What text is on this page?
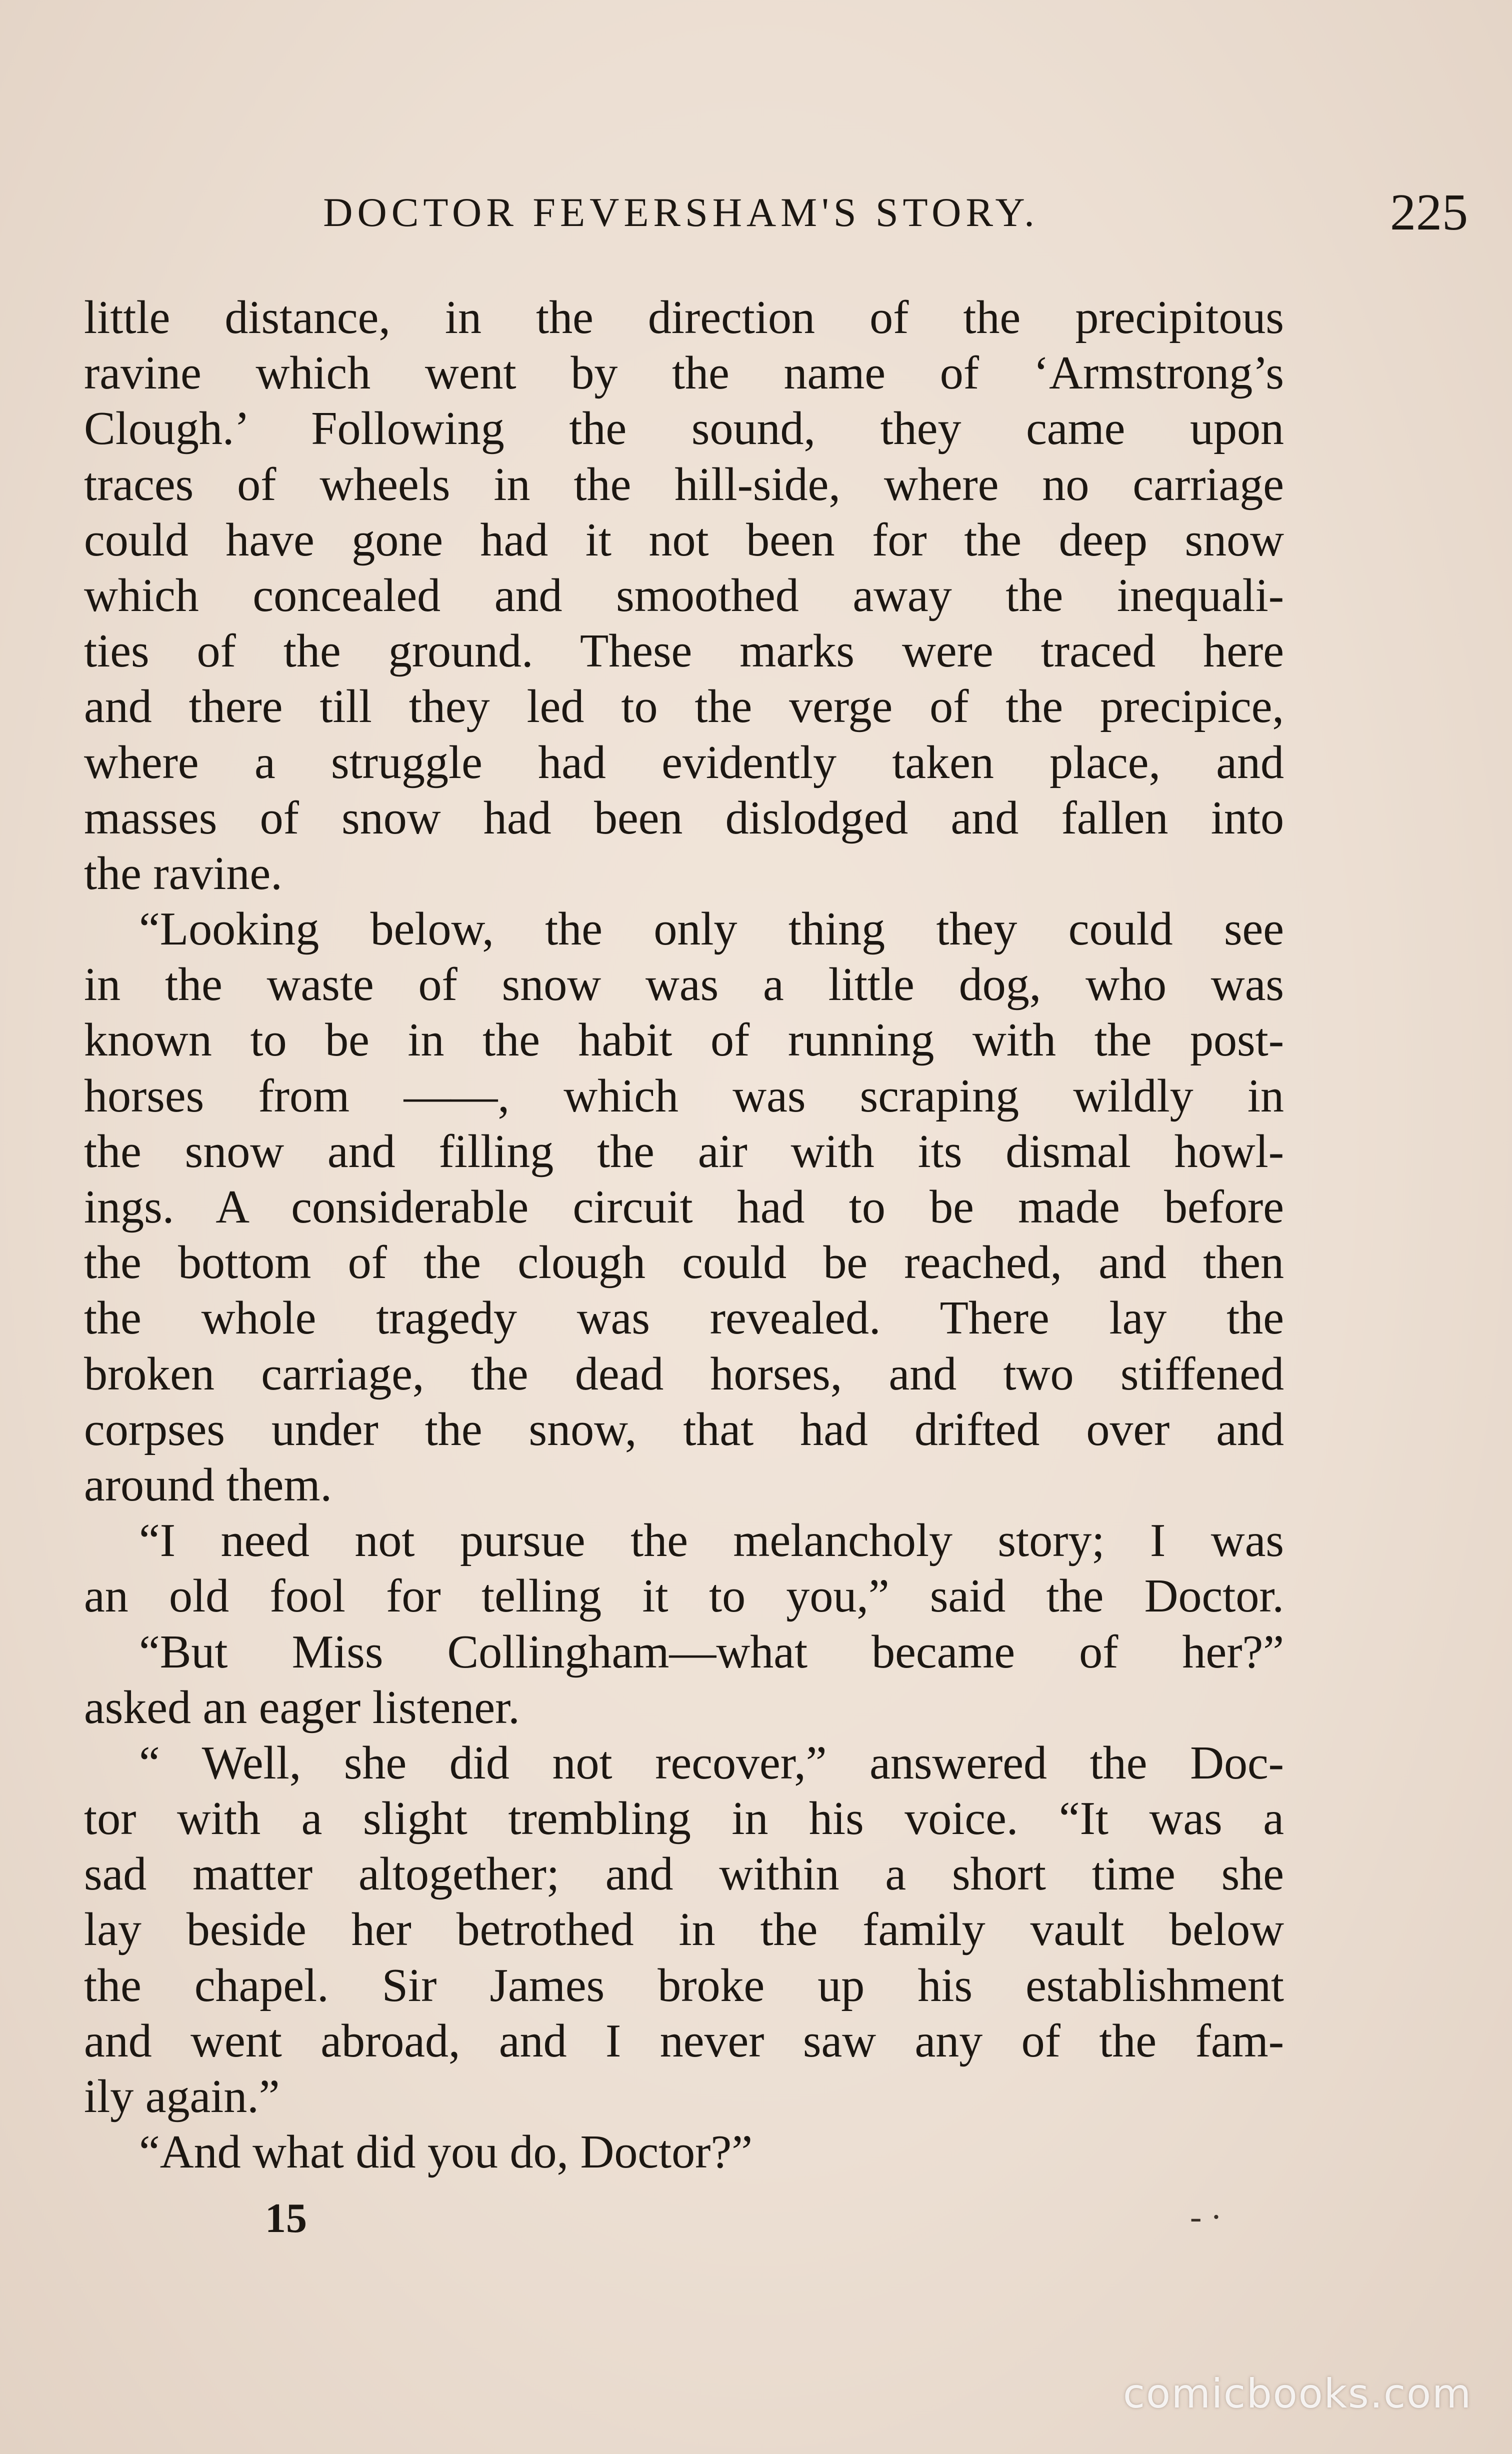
DOCTOR FEVERSHAM'S STORY.	225
little distance, in the direction of the precipitous
ravine which went by the name of ‘Armstrong’s
Clough.’ Following the sound, they came upon
traces of wheels in the hill-side, where no carriage
could have gone had it not been for the deep snow
which concealed and smoothed away the inequali-
ties of the ground. These marks were traced here
and there till they led to the verge of the precipice,
where a struggle had evidently taken place, and
masses of snow had been dislodged and fallen into
the ravine.
“Looking below, the only thing they could see
in the waste of snow was a little dog, who was
known to be in the habit of running with the post-
horses from ——, which was scraping wildly in
the snow and filling the air with its dismal howl-
ings. A considerable circuit had to be made before
the bottom of the clough could be reached, and then
the whole tragedy was revealed. There lay the
broken carriage, the dead horses, and two stiffened
corpses under the snow, that had drifted over and
around them.
“I need not pursue the melancholy story; I was
an old fool for telling it to you,” said the Doctor.
“But Miss Collingham—what became of her?”
asked an eager listener.
“ Well, she did not recover,” answered the Doc-
tor with a slight trembling in his voice. “It was a
sad matter altogether; and within a short time she
lay beside her betrothed in the family vault below
the chapel. Sir James broke up his establishment
and went abroad, and I never saw any of the fam-
ily again.”
“And what did you do, Doctor?”
15	- ·
comicbooks.com
